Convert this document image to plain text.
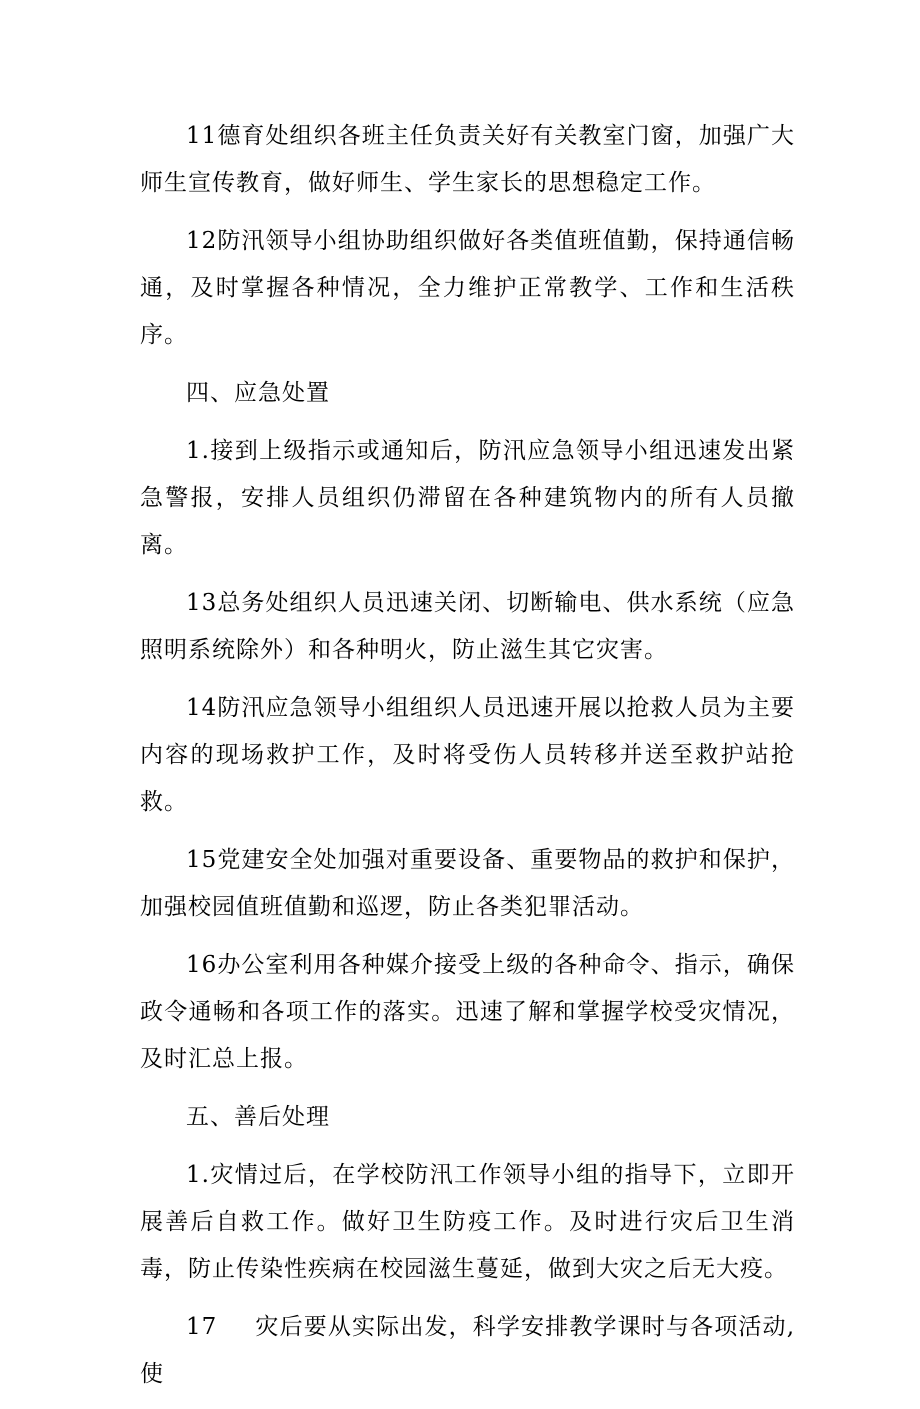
11德育处组织各班主任负责关好有关教室门窗，加强广大师生宣传教育，做好师生、学生家长的思想稳定工作。

12防汛领导小组协助组织做好各类值班值勤，保持通信畅通，及时掌握各种情况，全力维护正常教学、工作和生活秩序。

四、应急处置

1.接到上级指示或通知后，防汛应急领导小组迅速发出紧急警报，安排人员组织仍滞留在各种建筑物内的所有人员撤离。

13总务处组织人员迅速关闭、切断输电、供水系统（应急照明系统除外）和各种明火，防止滋生其它灾害。

14防汛应急领导小组组织人员迅速开展以抢救人员为主要内容的现场救护工作，及时将受伤人员转移并送至救护站抢救。

15党建安全处加强对重要设备、重要物品的救护和保护，加强校园值班值勤和巡逻，防止各类犯罪活动。

16办公室利用各种媒介接受上级的各种命令、指示，确保政令通畅和各项工作的落实。迅速了解和掌握学校受灾情况，及时汇总上报。

五、善后处理

1.灾情过后，在学校防汛工作领导小组的指导下，立即开展善后自救工作。做好卫生防疫工作。及时进行灾后卫生消毒，防止传染性疾病在校园滋生蔓延，做到大灾之后无大疫。

17 灾后要从实际出发，科学安排教学课时与各项活动,使
